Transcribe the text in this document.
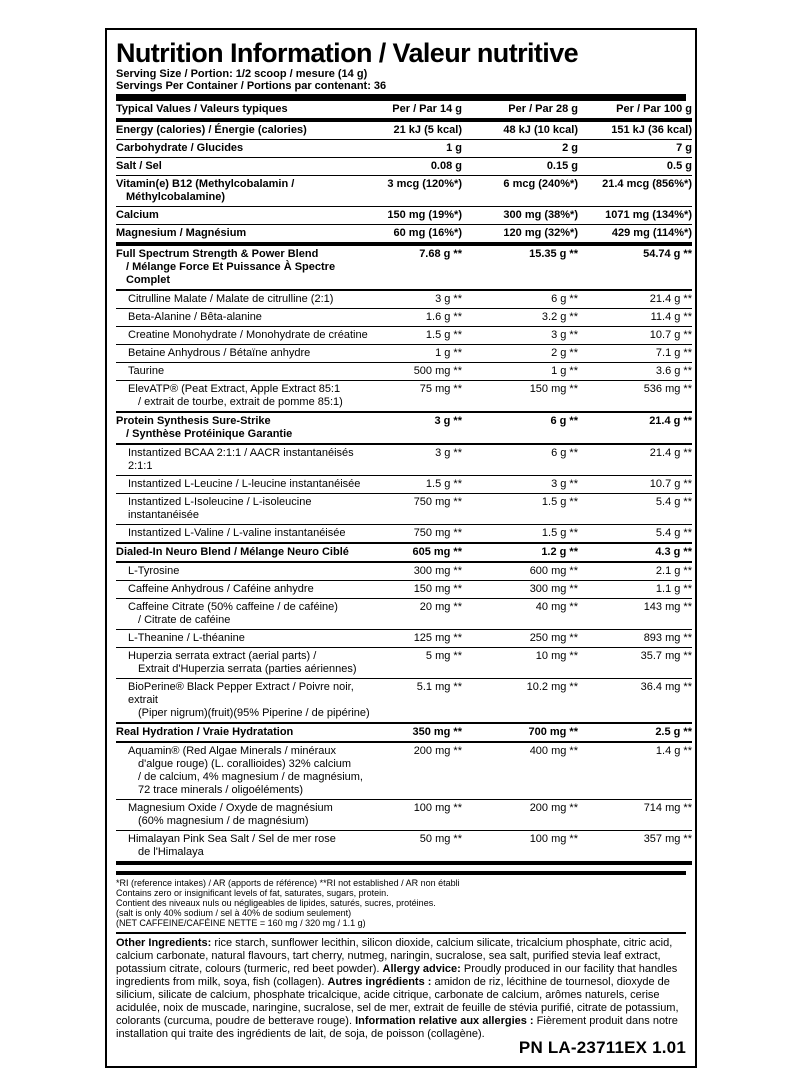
Nutrition Information / Valeur nutritive
Serving Size / Portion: 1/2 scoop / mesure (14 g)
Servings Per Container / Portions par contenant: 36
Typical Values / Valeurs typiques	Per / Par 14 g	Per / Par 28 g	Per / Par 100 g

Energy (calories) / Énergie (calories)	21 kJ (5 kcal)	48 kJ (10 kcal)	151 kJ (36 kcal)

Carbohydrate / Glucides	1 g	2 g	7 g

Salt / Sel	0.08 g	0.15 g	0.5 g

Vitamin(e) B12 (Methylcobalamin /
Méthylcobalamine)	3 mcg (120%*)	6 mcg (240%*)	21.4 mcg (856%*)

Calcium	150 mg (19%*)	300 mg (38%*)	1071 mg (134%*)

Magnesium / Magnésium	60 mg (16%*)	120 mg (32%*)	429 mg (114%*)

Full Spectrum Strength & Power Blend
/ Mélange Force Et Puissance À Spectre Complet	7.68 g **	15.35 g **	54.74 g **

Citrulline Malate / Malate de citrulline (2:1)	3 g **	6 g **	21.4 g **

Beta-Alanine / Bêta-alanine	1.6 g **	3.2 g **	11.4 g **

Creatine Monohydrate / Monohydrate de créatine	1.5 g **	3 g **	10.7 g **

Betaine Anhydrous / Bétaïne anhydre	1 g **	2 g **	7.1 g **

Taurine	500 mg **	1 g **	3.6 g **

ElevATP® (Peat Extract, Apple Extract 85:1
/ extrait de tourbe, extrait de pomme 85:1)	75 mg **	150 mg **	536 mg **

Protein Synthesis Sure-Strike
/ Synthèse Protéinique Garantie	3 g **	6 g **	21.4 g **

Instantized BCAA 2:1:1 / AACR instantanéisés 2:1:1	3 g **	6 g **	21.4 g **

Instantized L-Leucine / L-leucine instantanéisée	1.5 g **	3 g **	10.7 g **

Instantized L-Isoleucine / L-isoleucine instantanéisée	750 mg **	1.5 g **	5.4 g **

Instantized L-Valine / L-valine instantanéisée	750 mg **	1.5 g **	5.4 g **

Dialed-In Neuro Blend / Mélange Neuro Ciblé	605 mg **	1.2 g **	4.3 g **

L-Tyrosine	300 mg **	600 mg **	2.1 g **

Caffeine Anhydrous / Caféine anhydre	150 mg **	300 mg **	1.1 g **

Caffeine Citrate (50% caffeine / de caféine)
/ Citrate de caféine	20 mg **	40 mg **	143 mg **

L-Theanine / L-théanine	125 mg **	250 mg **	893 mg **

Huperzia serrata extract (aerial parts) /
Extrait d'Huperzia serrata (parties aériennes)	5 mg **	10 mg **	35.7 mg **

BioPerine® Black Pepper Extract / Poivre noir, extrait
(Piper nigrum)(fruit)(95% Piperine / de pipérine)	5.1 mg **	10.2 mg **	36.4 mg **

Real Hydration / Vraie Hydratation	350 mg **	700 mg **	2.5 g **

Aquamin® (Red Algae Minerals / minéraux
d'algue rouge) (L. corallioides) 32% calcium
/ de calcium, 4% magnesium / de magnésium,
72 trace minerals / oligoéléments)	200 mg **	400 mg **	1.4 g **

Magnesium Oxide / Oxyde de magnésium
(60% magnesium / de magnésium)	100 mg **	200 mg **	714 mg **

Himalayan Pink Sea Salt / Sel de mer rose
de l'Himalaya	50 mg **	100 mg **	357 mg **
*RI (reference intakes) / AR (apports de référence) **RI not established / AR non établi
Contains zero or insignificant levels of fat, saturates, sugars, protein.
Contient des niveaux nuls ou négligeables de lipides, saturés, sucres, protéines.
(salt is only 40% sodium / sel à 40% de sodium seulement)
(NET CAFFEINE/CAFÉINE NETTE = 160 mg / 320 mg / 1.1 g)
Other Ingredients: rice starch, sunflower lecithin, silicon dioxide, calcium silicate, tricalcium phosphate, citric acid, calcium carbonate, natural flavours, tart cherry, nutmeg, naringin, sucralose, sea salt, purified stevia leaf extract, potassium citrate, colours (turmeric, red beet powder). Allergy advice: Proudly produced in our facility that handles ingredients from milk, soya, fish (collagen). Autres ingrédients : amidon de riz, lécithine de tournesol, dioxyde de silicium, silicate de calcium, phosphate tricalcique, acide citrique, carbonate de calcium, arômes naturels, cerise acidulée, noix de muscade, naringine, sucralose, sel de mer, extrait de feuille de stévia purifié, citrate de potassium, colorants (curcuma, poudre de betterave rouge). Information relative aux allergies : Fièrement produit dans notre installation qui traite des ingrédients de lait, de soja, de poisson (collagène).
PN LA-23711EX 1.01
